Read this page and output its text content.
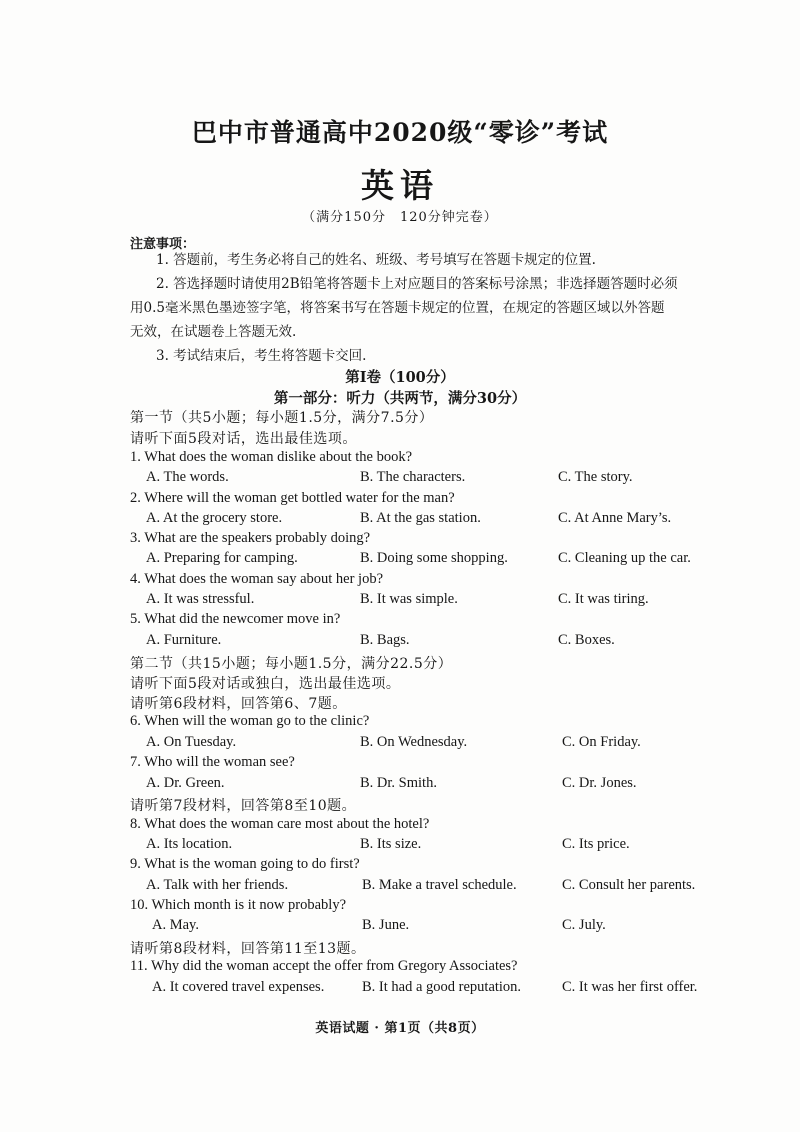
巴中市普通高中2020级“零诊”考试
英语
（满分150分　120分钟完卷）
注意事项：
1. 答题前，考生务必将自己的姓名、班级、考号填写在答题卡规定的位置.
2. 答选择题时请使用2B铅笔将答题卡上对应题目的答案标号涂黑；非选择题答题时必须
用0.5毫米黑色墨迹签字笔，将答案书写在答题卡规定的位置，在规定的答题区域以外答题
无效，在试题卷上答题无效.
3. 考试结束后，考生将答题卡交回.
第Ⅰ卷（100分）
第一部分：听力（共两节，满分30分）
第一节（共5小题；每小题1.5分，满分7.5分）
请听下面5段对话，选出最佳选项。
1. What does the woman dislike about the book?
A. The words.	B. The characters.	C. The story.
2. Where will the woman get bottled water for the man?
A. At the grocery store.	B. At the gas station.	C. At Anne Mary’s.
3. What are the speakers probably doing?
A. Preparing for camping.	B. Doing some shopping.	C. Cleaning up the car.
4. What does the woman say about her job?
A. It was stressful.	B. It was simple.	C. It was tiring.
5. What did the newcomer move in?
A. Furniture.	B. Bags.	C. Boxes.
第二节（共15小题；每小题1.5分，满分22.5分）
请听下面5段对话或独白，选出最佳选项。
请听第6段材料，回答第6、7题。
6. When will the woman go to the clinic?
A. On Tuesday.	B. On Wednesday.	C. On Friday.
7. Who will the woman see?
A. Dr. Green.	B. Dr. Smith.	C. Dr. Jones.
请听第7段材料，回答第8至10题。
8. What does the woman care most about the hotel?
A. Its location.	B. Its size.	C. Its price.
9. What is the woman going to do first?
A. Talk with her friends.	B. Make a travel schedule.	C. Consult her parents.
10. Which month is it now probably?
A. May.	B. June.	C. July.
请听第8段材料，回答第11至13题。
11. Why did the woman accept the offer from Gregory Associates?
A. It covered travel expenses.	B. It had a good reputation.	C. It was her first offer.
英语试题 · 第1页（共8页）
